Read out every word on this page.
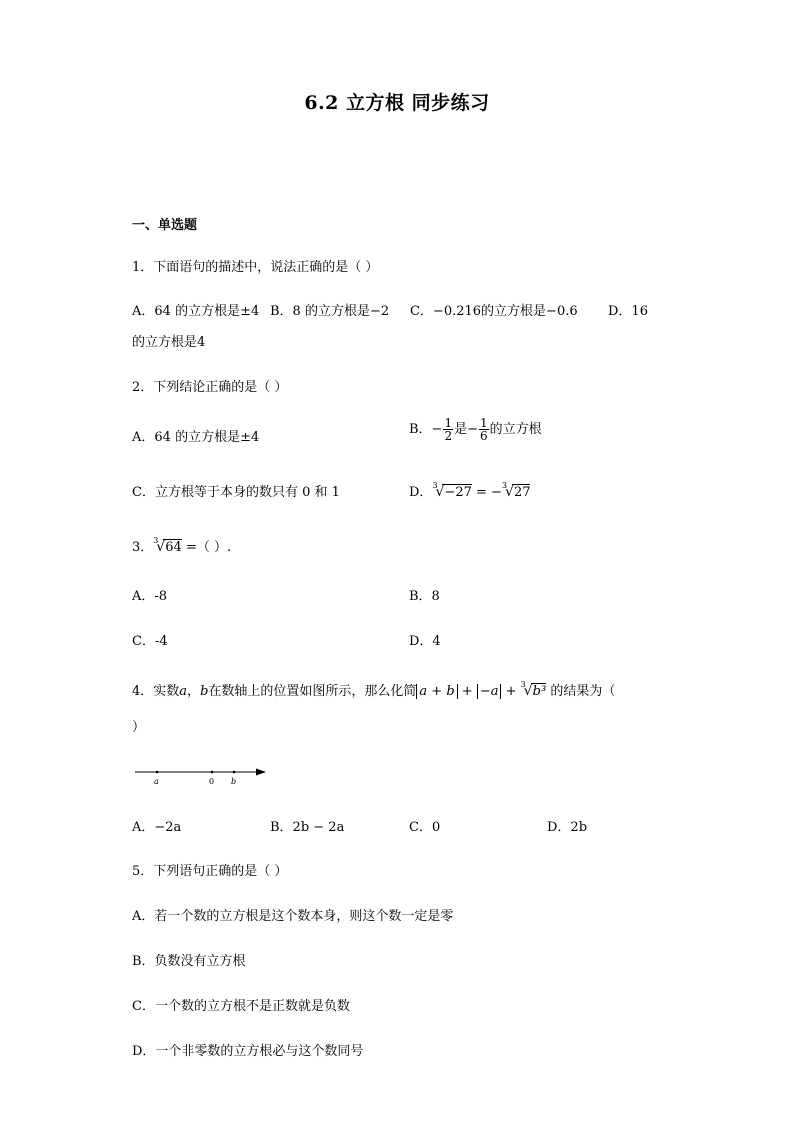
6.2 立方根 同步练习
一、单选题
1．下面语句的描述中，说法正确的是（ ）
A．64 的立方根是±4 B．8 的立方根是−2 C．−0.216的立方根是−0.6 D．16
的立方根是4
2．下列结论正确的是（ ）
A．64 的立方根是±4
B．− $\frac{1}{2}$ 是− $\frac{1}{6}$ 的立方根
C．立方根等于本身的数只有 0 和 1	D． 3
√ −27 = − 3
√ 27
3． 3
√ 64 =（ ）.
A．-8	B．8
C．-4	D．4
4．实数a，b在数轴上的位置如图所示，那么化简 a + b + −a + 3
√ b³ 的结果为（
）
a	0 b
A．−2a	B．2b − 2a	C．0	D．2b
5．下列语句正确的是（ ）
A．若一个数的立方根是这个数本身，则这个数一定是零
B．负数没有立方根
C．一个数的立方根不是正数就是负数
D．一个非零数的立方根必与这个数同号
